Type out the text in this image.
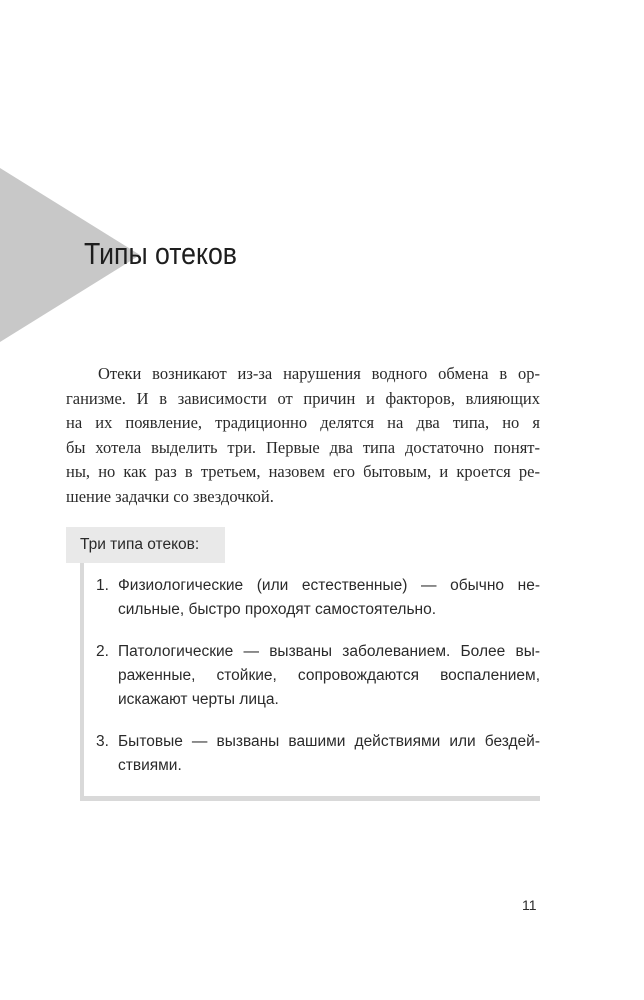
Типы отеков
Отеки возникают из-за нарушения водного обмена в ор-
ганизме. И в зависимости от причин и факторов, влияющих
на их появление, традиционно делятся на два типа, но я
бы хотела выделить три. Первые два типа достаточно понят-
ны, но как раз в третьем, назовем его бытовым, и кроется ре-
шение задачки со звездочкой.
Три типа отеков:
1. Физиологические (или естественные) — обычно не-
сильные, быстро проходят самостоятельно.
2. Патологические — вызваны заболеванием. Более вы-
раженные, стойкие, сопровождаются воспалением,
искажают черты лица.
3. Бытовые — вызваны вашими действиями или бездей-
ствиями.
11
